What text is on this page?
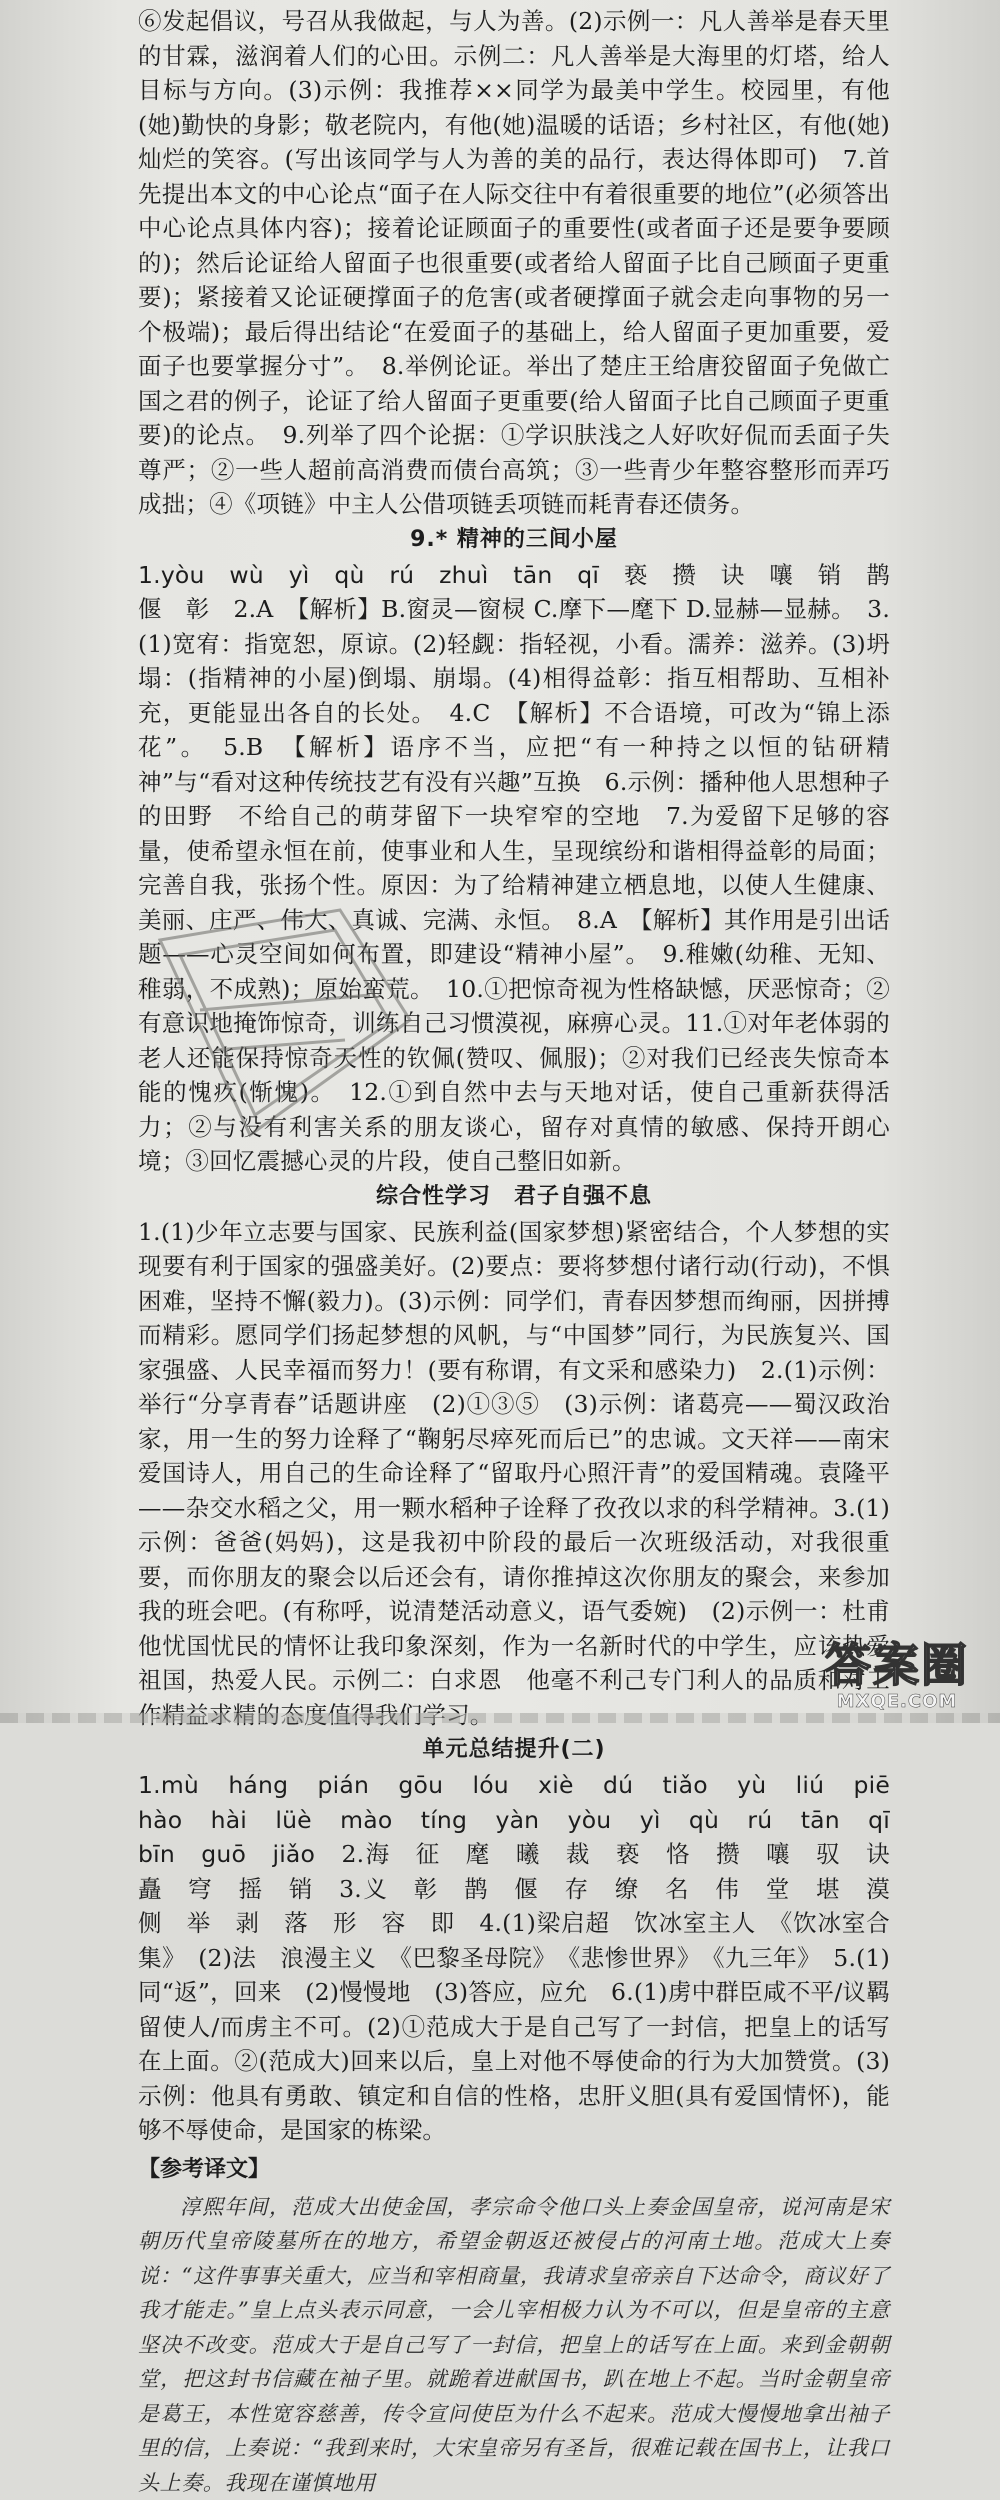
⑥发起倡议，号召从我做起，与人为善。(2)示例一：凡人善举是春天里的甘霖，滋润着人们的心田。示例二：凡人善举是大海里的灯塔，给人目标与方向。(3)示例：我推荐××同学为最美中学生。校园里，有他(她)勤快的身影；敬老院内，有他(她)温暖的话语；乡村社区，有他(她)灿烂的笑容。(写出该同学与人为善的美的品行，表达得体即可)　7.首先提出本文的中心论点“面子在人际交往中有着很重要的地位”(必须答出中心论点具体内容)；接着论证顾面子的重要性(或者面子还是要争要顾的)；然后论证给人留面子也很重要(或者给人留面子比自己顾面子更重要)；紧接着又论证硬撑面子的危害(或者硬撑面子就会走向事物的另一个极端)；最后得出结论“在爱面子的基础上，给人留面子更加重要，爱面子也要掌握分寸”。　8.举例论证。举出了楚庄王给唐狡留面子免做亡国之君的例子，论证了给人留面子更重要(给人留面子比自己顾面子更重要)的论点。　9.列举了四个论据：①学识肤浅之人好吹好侃而丢面子失尊严；②一些人超前高消费而债台高筑；③一些青少年整容整形而弄巧成拙；④《项链》中主人公借项链丢项链而耗青春还债务。

9.* 精神的三间小屋

1.yòu　wù　yì　qù　rú　zhuì　tān　qī　亵　攒　诀　嚷　销　鹊　偃　彰　2.A　【解析】B.窗灵—窗棂 C.摩下—麾下 D.显赫—显赫。　3.(1)宽宥：指宽恕，原谅。(2)轻觑：指轻视，小看。濡养：滋养。(3)坍塌：(指精神的小屋)倒塌、崩塌。(4)相得益彰：指互相帮助、互相补充，更能显出各自的长处。　4.C　【解析】不合语境，可改为“锦上添花”。　5.B　【解析】语序不当，应把“有一种持之以恒的钻研精神”与“看对这种传统技艺有没有兴趣”互换　6.示例：播种他人思想种子的田野　不给自己的萌芽留下一块窄窄的空地　7.为爱留下足够的容量，使希望永恒在前，使事业和人生，呈现缤纷和谐相得益彰的局面；完善自我，张扬个性。原因：为了给精神建立栖息地，以使人生健康、美丽、庄严、伟大、真诚、完满、永恒。　8.A　【解析】其作用是引出话题——心灵空间如何布置，即建设“精神小屋”。　9.稚嫩(幼稚、无知、稚弱，不成熟)；原始蛮荒。　10.①把惊奇视为性格缺憾，厌恶惊奇；②有意识地掩饰惊奇，训练自己习惯漠视，麻痹心灵。11.①对年老体弱的老人还能保持惊奇天性的钦佩(赞叹、佩服)；②对我们已经丧失惊奇本能的愧疚(惭愧)。　12.①到自然中去与天地对话，使自己重新获得活力；②与没有利害关系的朋友谈心，留存对真情的敏感、保持开朗心境；③回忆震撼心灵的片段，使自己整旧如新。

综合性学习　君子自强不息

1.(1)少年立志要与国家、民族利益(国家梦想)紧密结合，个人梦想的实现要有利于国家的强盛美好。(2)要点：要将梦想付诸行动(行动)，不惧困难，坚持不懈(毅力)。(3)示例：同学们，青春因梦想而绚丽，因拼搏而精彩。愿同学们扬起梦想的风帆，与“中国梦”同行，为民族复兴、国家强盛、人民幸福而努力！(要有称谓，有文采和感染力)　2.(1)示例：举行“分享青春”话题讲座　(2)①③⑤　(3)示例：诸葛亮——蜀汉政治家，用一生的努力诠释了“鞠躬尽瘁死而后已”的忠诚。文天祥——南宋爱国诗人，用自己的生命诠释了“留取丹心照汗青”的爱国精魂。袁隆平——杂交水稻之父，用一颗水稻种子诠释了孜孜以求的科学精神。3.(1)示例：爸爸(妈妈)，这是我初中阶段的最后一次班级活动，对我很重要，而你朋友的聚会以后还会有，请你推掉这次你朋友的聚会，来参加我的班会吧。(有称呼，说清楚活动意义，语气委婉)　(2)示例一：杜甫　他忧国忧民的情怀让我印象深刻，作为一名新时代的中学生，应该热爱祖国，热爱人民。示例二：白求恩　他毫不利己专门利人的品质和对工

单元总结提升(二)

1.mù　háng　pián　gōu　lóu　xiè　dú　tiǎo　yù　liú　piē　hào　hài　lüè　mào　tíng　yàn　yòu　yì　qù　rú　tān　qī　bīn　guō　jiǎo　2.海　征　麾　曦　裁　亵　恪　攒　嚷　驭　诀　矗　穹　摇　销　3.义　彰　鹊　偃　存　缭　名　伟　堂　堪　漠　侧　举　剥　落　形　容　即　4.(1)梁启超　饮冰室主人　《饮冰室合集》　(2)法　浪漫主义　《巴黎圣母院》　《悲惨世界》　《九三年》　5.(1)同“返”，回来　(2)慢慢地　(3)答应，应允　6.(1)虏中群臣咸不平/议羁留使人/而虏主不可。(2)①范成大于是自己写了一封信，把皇上的话写在上面。②(范成大)回来以后，皇上对他不辱使命的行为大加赞赏。(3)示例：他具有勇敢、镇定和自信的性格，忠肝义胆(具有爱国情怀)，能够不辱使命，是国家的栋梁。

【参考译文】

淳熙年间，范成大出使金国，孝宗命令他口头上奏金国皇帝，说河南是宋朝历代皇帝陵墓所在的地方，希望金朝返还被侵占的河南土地。范成大上奏说：“这件事事关重大，应当和宰相商量，我请求皇帝亲自下达命令，商议好了我才能走。”皇上点头表示同意，一会儿宰相极力认为不可以，但是皇帝的主意坚决不改变。范成大于是自己写了一封信，把皇上的话写在上面。来到金朝朝堂，把这封书信藏在袖子里。就跪着进献国书，趴在地上不起。当时金朝皇帝是葛王，本性宽容慈善，传令宣问使臣为什么不起来。范成大慢慢地拿出袖子里的信，上奏说：“我到来时，大宋皇帝另有圣旨，很难记载在国书上，让我口头上奏。我现在谨慎地用

答案圈
MXQE.COM
